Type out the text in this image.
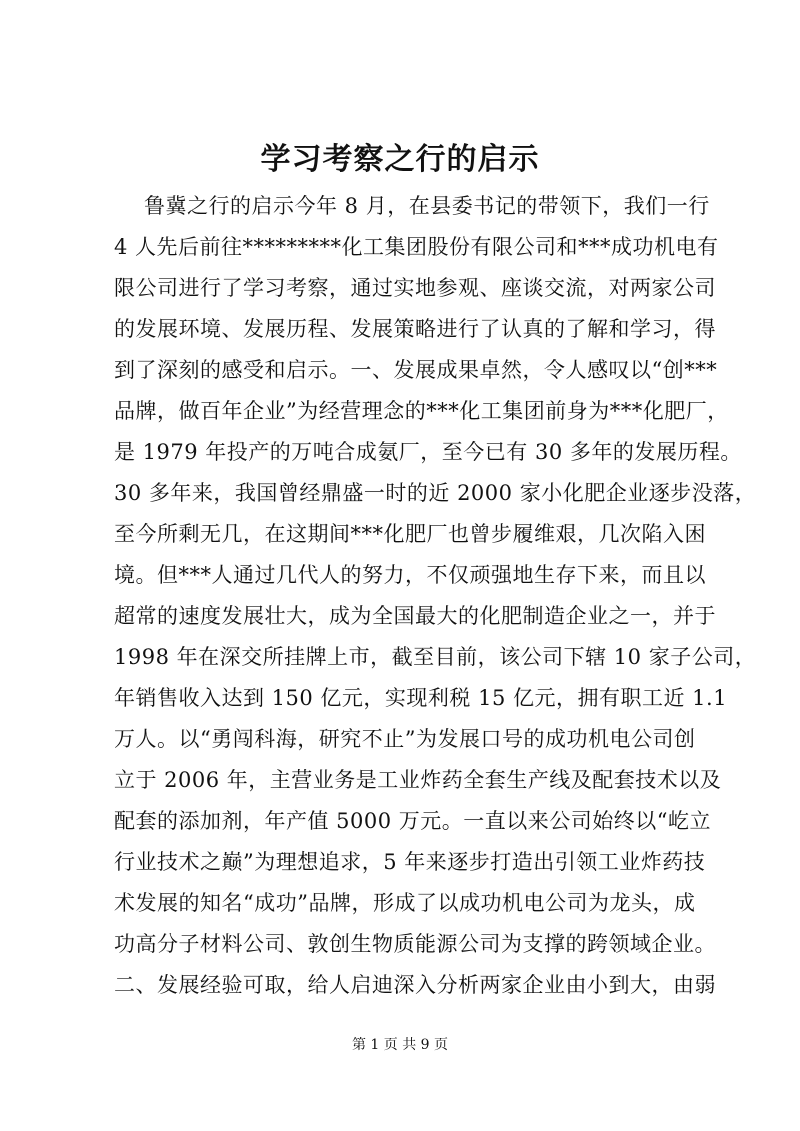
学习考察之行的启示
鲁冀之行的启示今年 8 月，在县委书记的带领下，我们一行
4 人先后前往*********化工集团股份有限公司和***成功机电有
限公司进行了学习考察，通过实地参观、座谈交流，对两家公司
的发展环境、发展历程、发展策略进行了认真的了解和学习，得
到了深刻的感受和启示。一、发展成果卓然，令人感叹以“创***
品牌，做百年企业”为经营理念的***化工集团前身为***化肥厂，
是 1979 年投产的万吨合成氨厂，至今已有 30 多年的发展历程。
30 多年来，我国曾经鼎盛一时的近 2000 家小化肥企业逐步没落，
至今所剩无几，在这期间***化肥厂也曾步履维艰，几次陷入困
境。但***人通过几代人的努力，不仅顽强地生存下来，而且以
超常的速度发展壮大，成为全国最大的化肥制造企业之一，并于
1998 年在深交所挂牌上市，截至目前，该公司下辖 10 家子公司，
年销售收入达到 150 亿元，实现利税 15 亿元，拥有职工近 1.1
万人。以“勇闯科海，研究不止”为发展口号的成功机电公司创
立于 2006 年，主营业务是工业炸药全套生产线及配套技术以及
配套的添加剂，年产值 5000 万元。一直以来公司始终以“屹立
行业技术之巅”为理想追求，5 年来逐步打造出引领工业炸药技
术发展的知名“成功”品牌，形成了以成功机电公司为龙头，成
功高分子材料公司、敦创生物质能源公司为支撑的跨领域企业。
二、发展经验可取，给人启迪深入分析两家企业由小到大，由弱
第 1 页 共 9 页
